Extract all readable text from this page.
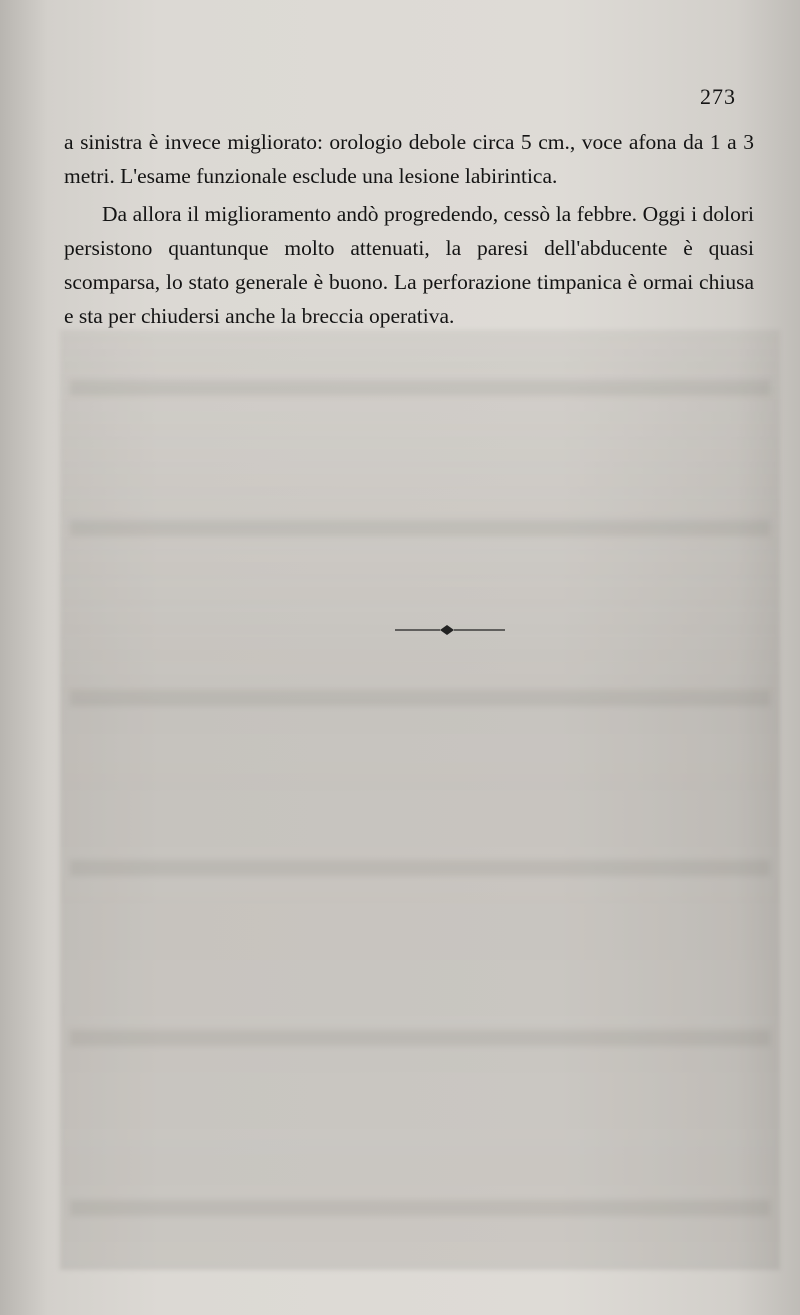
273

a sinistra è invece migliorato: orologio debole circa 5 cm., voce afona da 1 a 3 metri. L'esame funzionale esclude una lesione labirintica.

Da allora il miglioramento andò progredendo, cessò la febbre. Oggi i dolori persistono quantunque molto attenuati, la paresi dell'abducente è quasi scomparsa, lo stato generale è buono. La perforazione timpanica è ormai chiusa e sta per chiudersi anche la breccia operativa.
